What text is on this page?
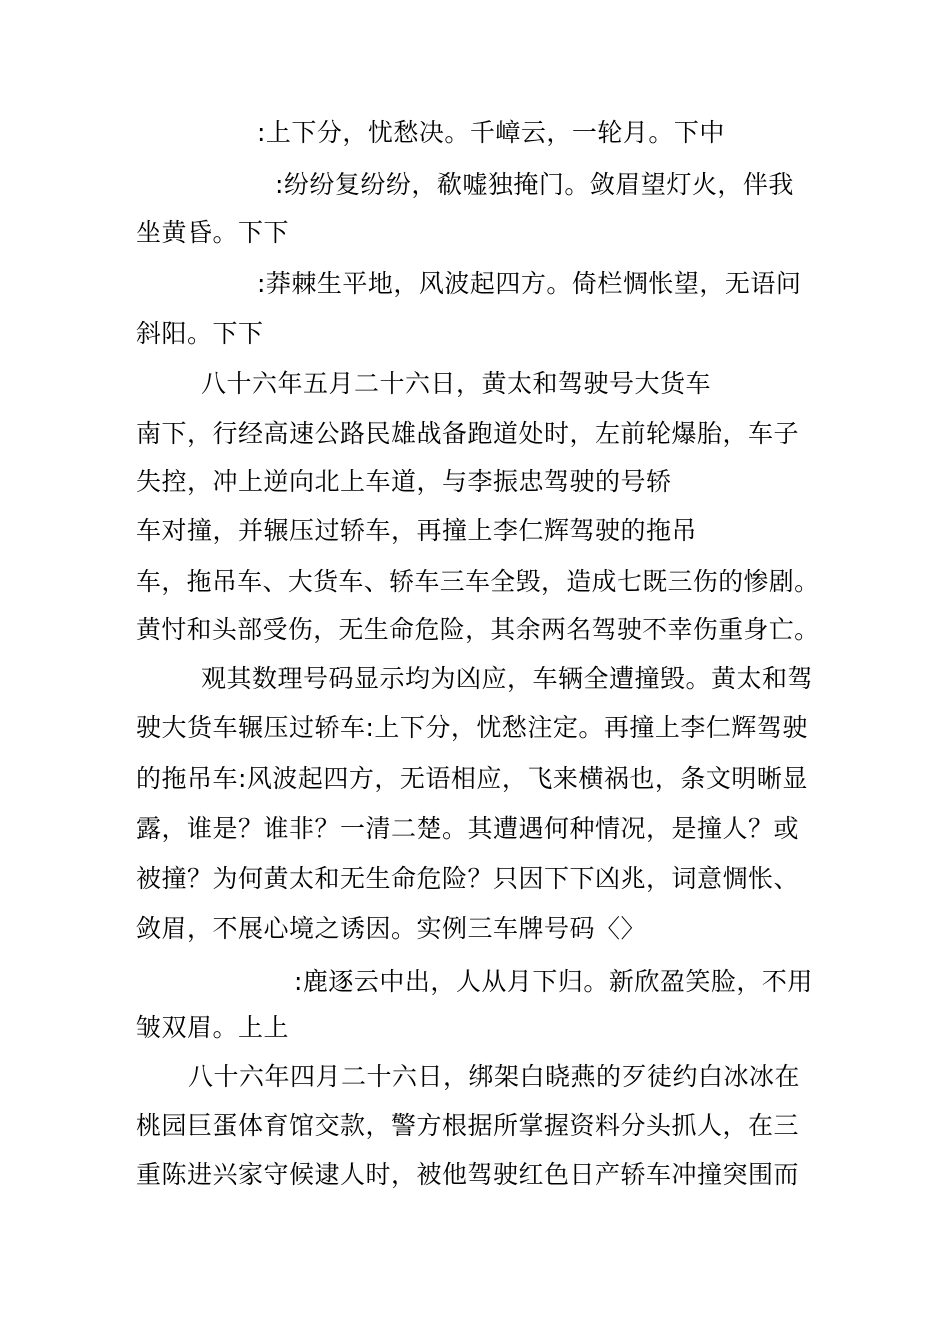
:上下分，忧愁决。千嶂云，一轮月。下中
:纷纷复纷纷，欷嘘独掩门。敛眉望灯火，伴我
坐黄昏。下下
:莽棘生平地，风波起四方。倚栏惆怅望，无语问
斜阳。下下
八十六年五月二十六日，黄太和驾驶号大货车
南下，行经高速公路民雄战备跑道处时，左前轮爆胎，车子
失控，冲上逆向北上车道，与李振忠驾驶的号轿
车对撞，并辗压过轿车，再撞上李仁辉驾驶的拖吊
车，拖吊车、大货车、轿车三车全毁，造成七既三伤的惨剧。
黄忖和头部受伤，无生命危险，其余两名驾驶不幸伤重身亡。
观其数理号码显示均为凶应，车辆全遭撞毁。黄太和驾
驶大货车辗压过轿车:上下分，忧愁注定。再撞上李仁辉驾驶
的拖吊车:风波起四方，无语相应，飞来横祸也，条文明晰显
露，谁是？谁非？一清二楚。其遭遇何种情况，是撞人？或
被撞？为何黄太和无生命危险？只因下下凶兆，词意惆怅、
敛眉，不展心境之诱因。实例三车牌号码〈〉
:鹿逐云中出，人从月下归。新欣盈笑脸，不用
皱双眉。上上
八十六年四月二十六日，绑架白晓燕的歹徒约白冰冰在
桃园巨蛋体育馆交款，警方根据所掌握资料分头抓人，在三
重陈进兴家守候逮人时，被他驾驶红色日产轿车冲撞突围而
